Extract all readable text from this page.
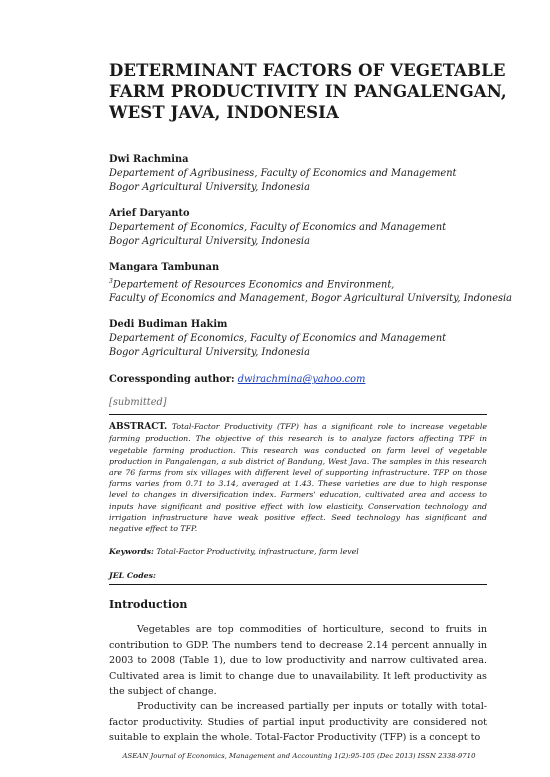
DETERMINANT FACTORS OF VEGETABLE
FARM PRODUCTIVITY IN PANGALENGAN,
WEST JAVA, INDONESIA
Dwi Rachmina
Departement of Agribusiness, Faculty of Economics and Management
Bogor Agricultural University, Indonesia
Arief Daryanto
Departement of Economics, Faculty of Economics and Management
Bogor Agricultural University, Indonesia
Mangara Tambunan
$^3$Departement of Resources Economics and Environment,
Faculty of Economics and Management, Bogor Agricultural University, Indonesia
Dedi Budiman Hakim
Departement of Economics, Faculty of Economics and Management
Bogor Agricultural University, Indonesia
Coressponding author: dwirachmina@yahoo.com
[submitted]
ABSTRACT. Total-Factor Productivity (TFP) has a significant role to increase vegetable farming production. The objective of this research is to analyze factors affecting TPF in vegetable farming production. This research was conducted on farm level of vegetable production in Pangalengan, a sub district of Bandung, West Java. The samples in this research are 76 farms from six villages with different level of supporting infrastructure. TFP on those farms varies from 0.71 to 3.14, averaged at 1.43. These varieties are due to high response level to changes in diversification index. Farmers' education, cultivated area and access to inputs have significant and positive effect with low elasticity. Conservation technology and irrigation infrastructure have weak positive effect. Seed technology has significant and negative effect to TFP.
Keywords: Total-Factor Productivity, infrastructure, farm level
JEL Codes:
Introduction

Vegetables are top commodities of horticulture, second to fruits in contribution to GDP. The numbers tend to decrease 2.14 percent annually in 2003 to 2008 (Table 1), due to low productivity and narrow cultivated area. Cultivated area is limit to change due to unavailability. It left productivity as the subject of change.

Productivity can be increased partially per inputs or totally with total-factor productivity. Studies of partial input productivity are considered not suitable to explain the whole. Total-Factor Productivity (TFP) is a concept to

ASEAN Journal of Economics, Management and Accounting 1(2):95-105 (Dec 2013) ISSN 2338-9710
